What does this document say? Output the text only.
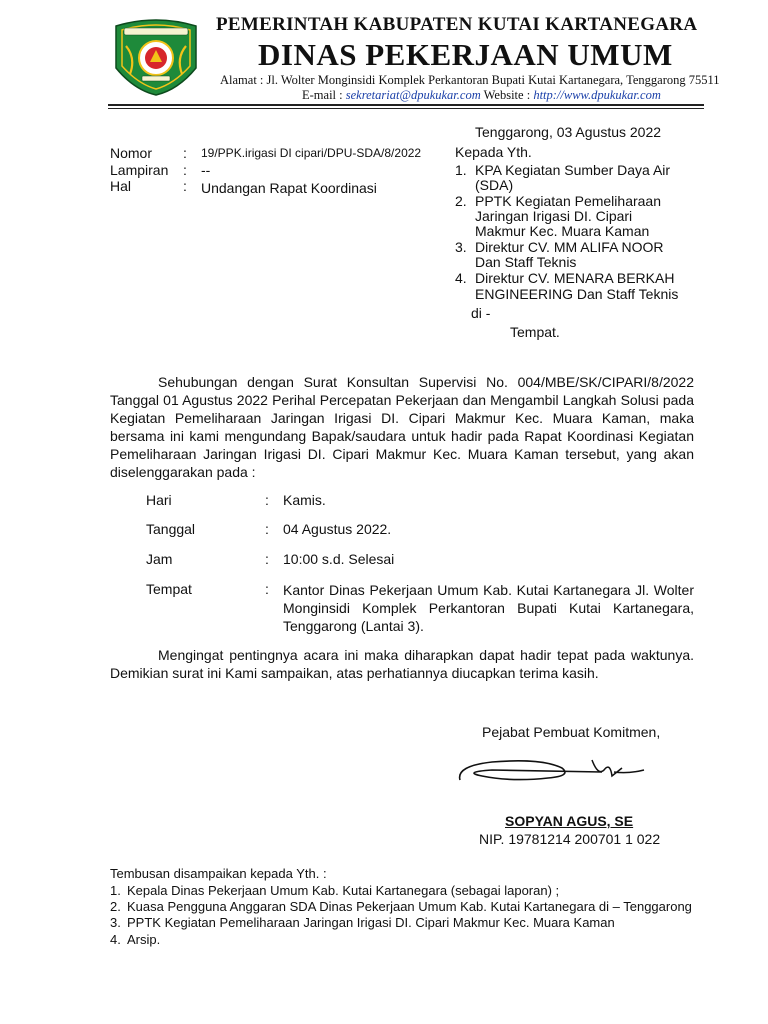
PEMERINTAH KABUPATEN KUTAI KARTANEGARA
DINAS PEKERJAAN UMUM
Alamat : Jl. Wolter Monginsidi Komplek Perkantoran Bupati Kutai Kartanegara, Tenggarong 75511
E-mail : sekretariat@dpukukar.com Website : http://www.dpukukar.com
Tenggarong, 03 Agustus 2022
Nomor : 19/PPK.irigasi DI cipari/DPU-SDA/8/2022
Lampiran : --
Hal	: Undangan Rapat Koordinasi
Kepada Yth.
1. KPA Kegiatan Sumber Daya Air
(SDA)
2. PPTK Kegiatan Pemeliharaan
Jaringan Irigasi DI. Cipari
Makmur Kec. Muara Kaman
3. Direktur CV. MM ALIFA NOOR
Dan Staff Teknis
4. Direktur CV. MENARA BERKAH
ENGINEERING Dan Staff Teknis
di -
Tempat.
Sehubungan dengan Surat Konsultan Supervisi No. 004/MBE/SK/CIPARI/8/2022 Tanggal 01 Agustus 2022 Perihal Percepatan Pekerjaan dan Mengambil Langkah Solusi pada Kegiatan Pemeliharaan Jaringan Irigasi DI. Cipari Makmur Kec. Muara Kaman, maka bersama ini kami mengundang Bapak/saudara untuk hadir pada Rapat Koordinasi Kegiatan Pemeliharaan Jaringan Irigasi DI. Cipari Makmur Kec. Muara Kaman tersebut, yang akan diselenggarakan pada :
Hari	: Kamis.
Tanggal	: 04 Agustus 2022.
Jam	: 10:00 s.d. Selesai
Tempat	: Kantor Dinas Pekerjaan Umum Kab. Kutai Kartanegara Jl. Wolter Monginsidi Komplek Perkantoran Bupati Kutai Kartanegara, Tenggarong (Lantai 3).
Mengingat pentingnya acara ini maka diharapkan dapat hadir tepat pada waktunya. Demikian surat ini Kami sampaikan, atas perhatiannya diucapkan terima kasih.
Pejabat Pembuat Komitmen,
SOPYAN AGUS, SE
NIP. 19781214 200701 1 022
Tembusan disampaikan kepada Yth. :
1. Kepala Dinas Pekerjaan Umum Kab. Kutai Kartanegara (sebagai laporan) ;
2. Kuasa Pengguna Anggaran SDA Dinas Pekerjaan Umum Kab. Kutai Kartanegara di – Tenggarong
3. PPTK Kegiatan Pemeliharaan Jaringan Irigasi DI. Cipari Makmur Kec. Muara Kaman
4. Arsip.
